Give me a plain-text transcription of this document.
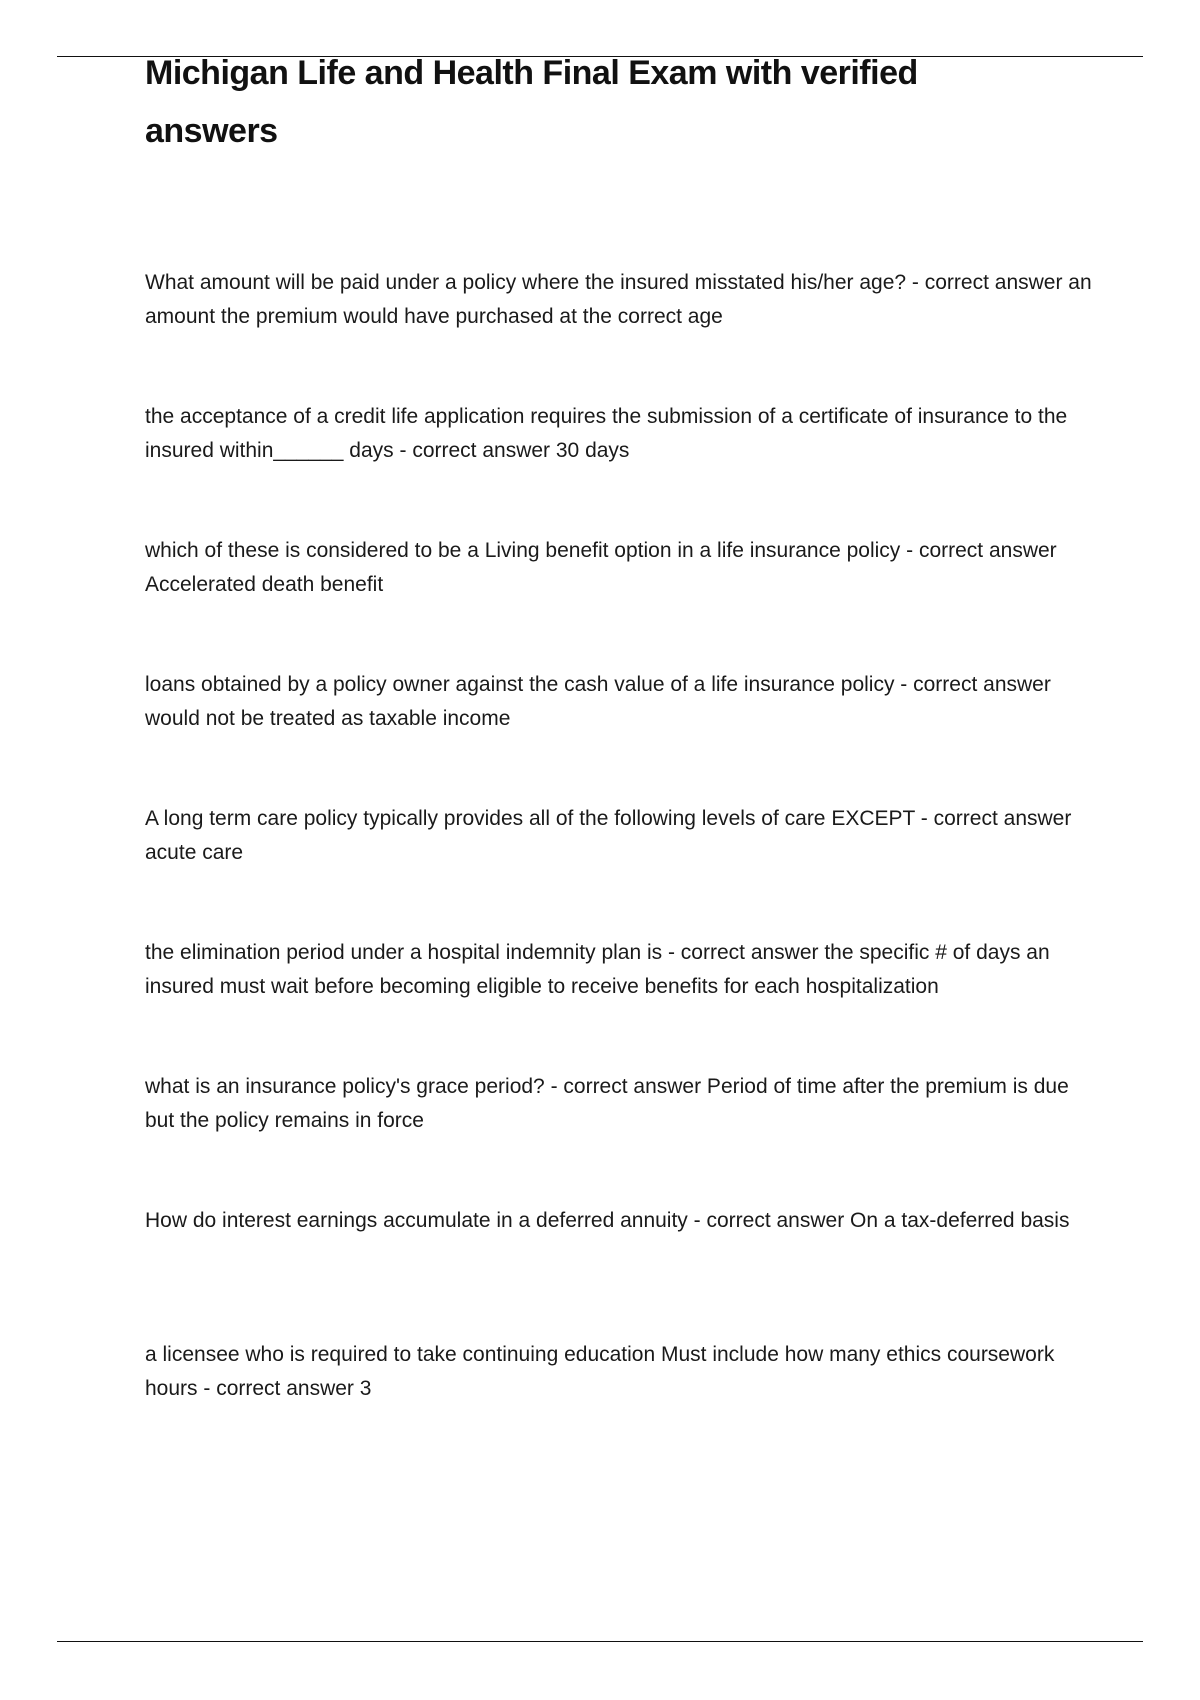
Michigan Life and Health Final Exam with verified answers

What amount will be paid under a policy where the insured misstated his/her age? - correct answer an amount the premium would have purchased at the correct age

the acceptance of a credit life application requires the submission of a certificate of insurance to the insured within______ days - correct answer 30 days

which of these is considered to be a Living benefit option in a life insurance policy - correct answer Accelerated death benefit

loans obtained by a policy owner against the cash value of a life insurance policy - correct answer would not be treated as taxable income

A long term care policy typically provides all of the following levels of care EXCEPT - correct answer acute care

the elimination period under a hospital indemnity plan is - correct answer the specific # of days an insured must wait before becoming eligible to receive benefits for each hospitalization

what is an insurance policy's grace period? - correct answer Period of time after the premium is due but the policy remains in force

How do interest earnings accumulate in a deferred annuity - correct answer On a tax-deferred basis

a licensee who is required to take continuing education Must include how many ethics coursework hours - correct answer 3
